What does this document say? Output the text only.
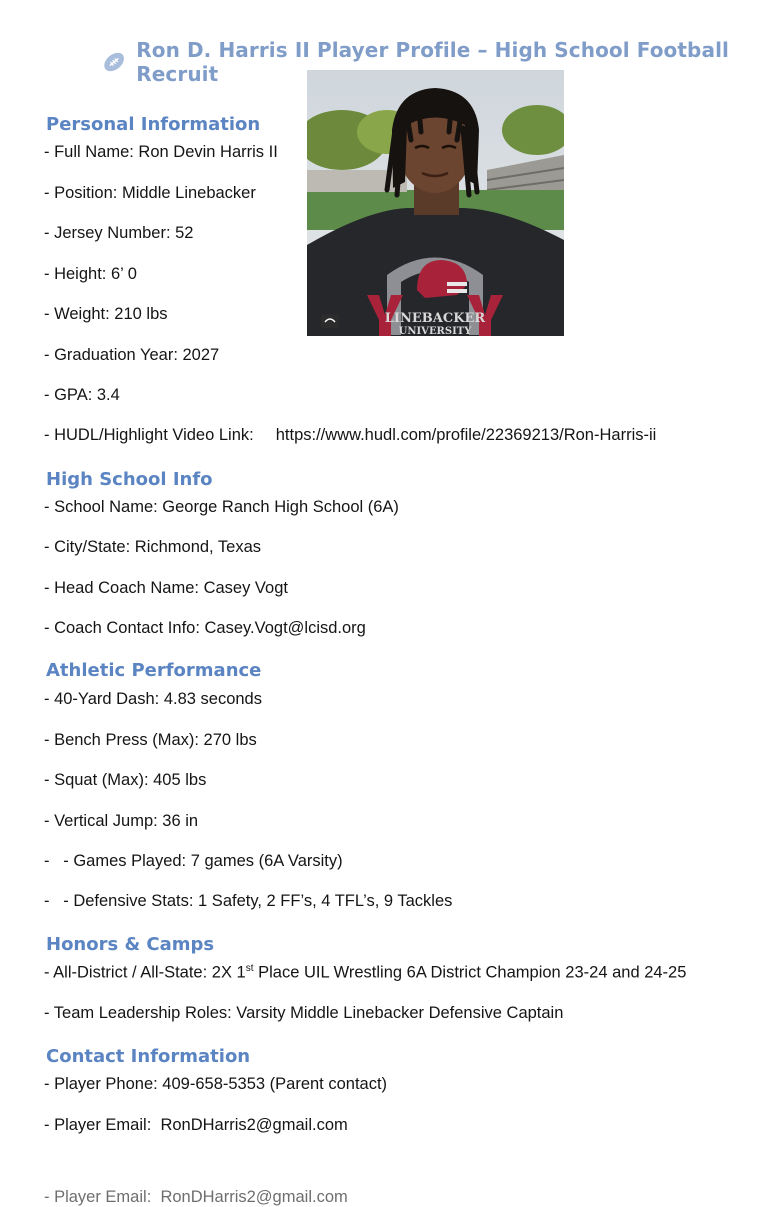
Ron D. Harris II Player Profile – High School Football Recruit
LINEBACKER
UNIVERSITY
Personal Information
- Full Name: Ron Devin Harris II
- Position: Middle Linebacker
- Jersey Number: 52
- Height: 6’ 0
- Weight: 210 lbs
- Graduation Year: 2027
- GPA: 3.4
- HUDL/Highlight Video Link: https://www.hudl.com/profile/22369213/Ron-Harris-ii
High School Info
- School Name: George Ranch High School (6A)
- City/State: Richmond, Texas
- Head Coach Name: Casey Vogt
- Coach Contact Info: Casey.Vogt@lcisd.org
Athletic Performance
- 40-Yard Dash: 4.83 seconds
- Bench Press (Max): 270 lbs
- Squat (Max): 405 lbs
- Vertical Jump: 36 in
-   - Games Played: 7 games (6A Varsity)
-   - Defensive Stats: 1 Safety, 2 FF’s, 4 TFL’s, 9 Tackles
Honors & Camps
- All-District / All-State: 2X 1st Place UIL Wrestling 6A District Champion 23-24 and 24-25
- Team Leadership Roles: Varsity Middle Linebacker Defensive Captain
Contact Information
- Player Phone: 409-658-5353 (Parent contact)
- Player Email:  RonDHarris2@gmail.com
- Player Email:  RonDHarris2@gmail.com
